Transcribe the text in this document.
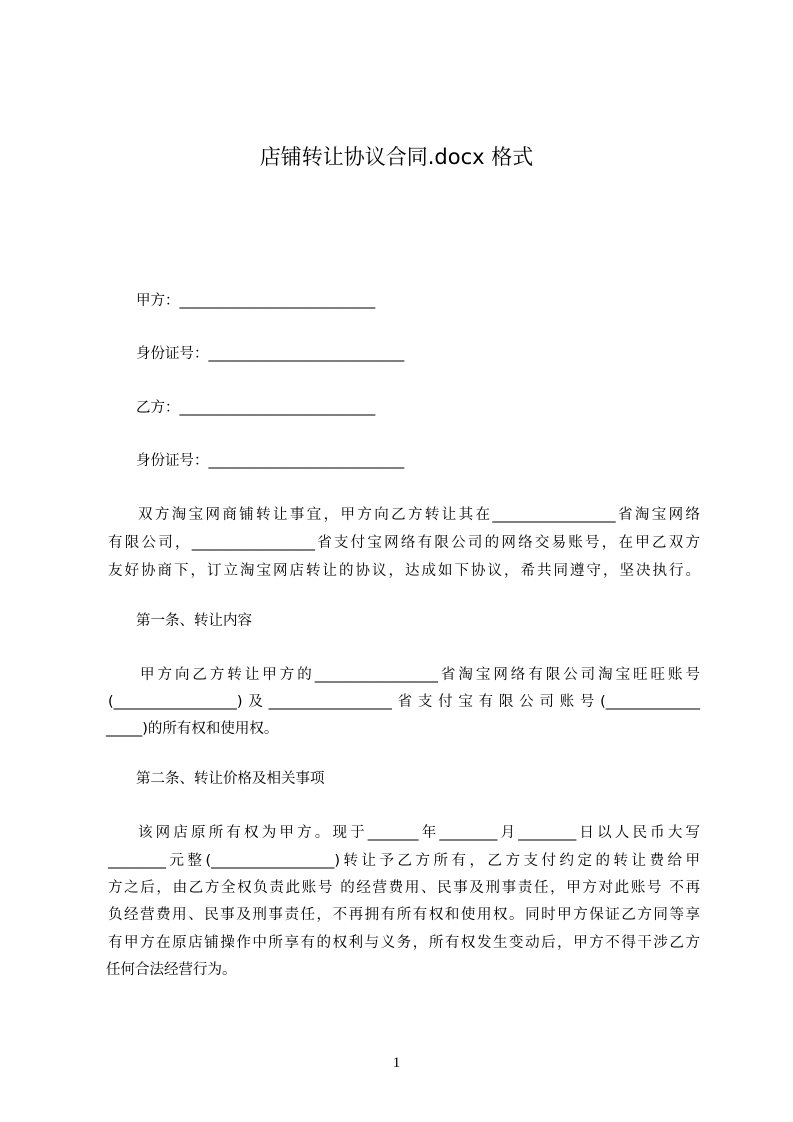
店铺转让协议合同.docx 格式
甲方：___________________________
身份证号：___________________________
乙方：___________________________
身份证号：___________________________
双方淘宝网商铺转让事宜，甲方向乙方转让其在_________________省淘宝网络
有限公司，_________________省支付宝网络有限公司的网络交易账号，在甲乙双方
友好协商下，订立淘宝网店转让的协议，达成如下协议，希共同遵守，坚决执行。
第一条、转让内容
甲方向乙方转让甲方的_________________省淘宝网络有限公司淘宝旺旺账号
(_________________)及_________________省支付宝有限公司账号(_____________
_____)的所有权和使用权。
第二条、转让价格及相关事项
该网店原所有权为甲方。现于_______年________月________日以人民币大写
________元整(_________________)转让予乙方所有，乙方支付约定的转让费给甲
方之后，由乙方全权负责此账号 的经营费用、民事及刑事责任，甲方对此账号 不再
负经营费用、民事及刑事责任，不再拥有所有权和使用权。同时甲方保证乙方同等享
有甲方在原店铺操作中所享有的权利与义务，所有权发生变动后，甲方不得干涉乙方
任何合法经营行为。
1
